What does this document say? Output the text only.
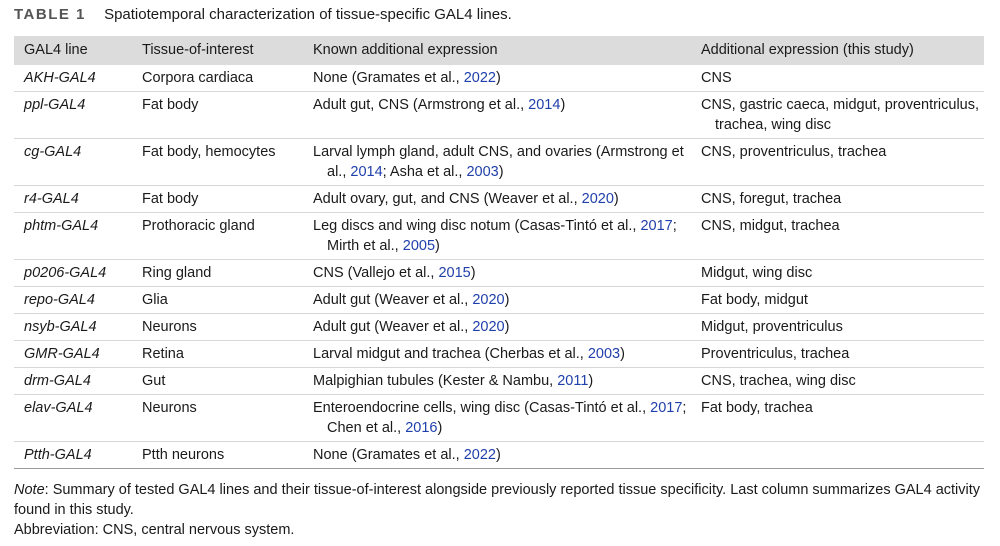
TABLE 1 Spatiotemporal characterization of tissue-specific GAL4 lines.
GAL4 line	Tissue-of-interest	Known additional expression	Additional expression (this study)
AKH-GAL4	Corpora cardiaca	None (Gramates et al., 2022)	CNS

ppl-GAL4	Fat body	Adult gut, CNS (Armstrong et al., 2014)	CNS, gastric caeca, midgut, proventriculus, trachea, wing disc

cg-GAL4	Fat body, hemocytes	Larval lymph gland, adult CNS, and ovaries (Armstrong et al., 2014; Asha et al., 2003)	CNS, proventriculus, trachea

r4-GAL4	Fat body	Adult ovary, gut, and CNS (Weaver et al., 2020)	CNS, foregut, trachea

phtm-GAL4	Prothoracic gland	Leg discs and wing disc notum (Casas-Tintó et al., 2017; Mirth et al., 2005)	CNS, midgut, trachea

p0206-GAL4	Ring gland	CNS (Vallejo et al., 2015)	Midgut, wing disc

repo-GAL4	Glia	Adult gut (Weaver et al., 2020)	Fat body, midgut

nsyb-GAL4	Neurons	Adult gut (Weaver et al., 2020)	Midgut, proventriculus

GMR-GAL4	Retina	Larval midgut and trachea (Cherbas et al., 2003)	Proventriculus, trachea

drm-GAL4	Gut	Malpighian tubules (Kester & Nambu, 2011)	CNS, trachea, wing disc

elav-GAL4	Neurons	Enteroendocrine cells, wing disc (Casas-Tintó et al., 2017; Chen et al., 2016)	Fat body, trachea

Ptth-GAL4	Ptth neurons	None (Gramates et al., 2022)	

Note: Summary of tested GAL4 lines and their tissue-of-interest alongside previously reported tissue specificity. Last column summarizes GAL4 activity found in this study.
Abbreviation: CNS, central nervous system.
